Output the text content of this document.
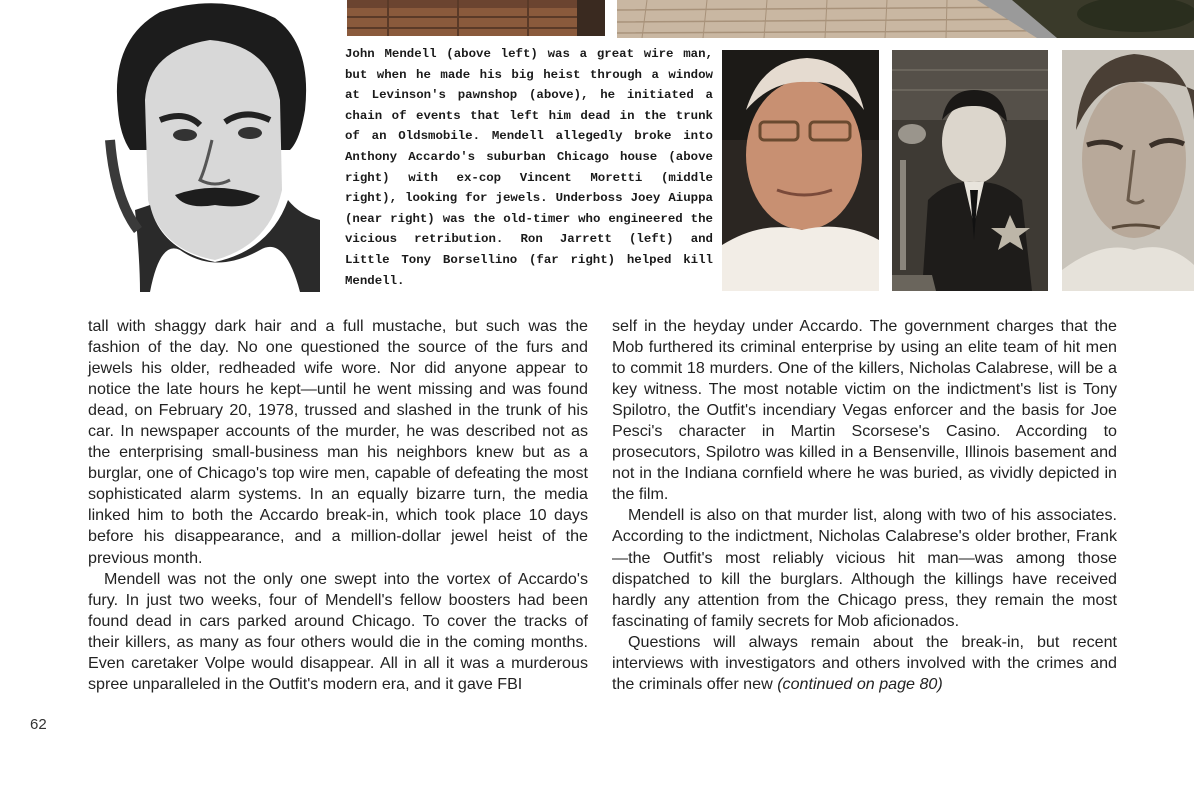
John Mendell (above left) was a great wire man, but when he made his big heist through a window at Levinson's pawnshop (above), he initiated a chain of events that left him dead in the trunk of an Oldsmobile. Mendell allegedly broke into Anthony Accardo's suburban Chicago house (above right) with ex-cop Vincent Moretti (middle right), looking for jewels. Underboss Joey Aiuppa (near right) was the old-timer who engineered the vicious retribution. Ron Jarrett (left) and Little Tony Borsellino (far right) helped kill Mendell.

tall with shaggy dark hair and a full mustache, but such was the fashion of the day. No one questioned the source of the furs and jewels his older, redheaded wife wore. Nor did anyone appear to notice the late hours he kept—until he went missing and was found dead, on February 20, 1978, trussed and slashed in the trunk of his car. In newspaper accounts of the murder, he was described not as the enterprising small-business man his neighbors knew but as a burglar, one of Chicago's top wire men, capable of defeating the most sophisticated alarm systems. In an equally bizarre turn, the media linked him to both the Accardo break-in, which took place 10 days before his disappearance, and a million-dollar jewel heist of the previous month.

Mendell was not the only one swept into the vortex of Accardo's fury. In just two weeks, four of Mendell's fellow boosters had been found dead in cars parked around Chicago. To cover the tracks of their killers, as many as four others would die in the coming months. Even caretaker Volpe would disappear. All in all it was a murderous spree unparalleled in the Outfit's modern era, and it gave FBI

self in the heyday under Accardo. The government charges that the Mob furthered its criminal enterprise by using an elite team of hit men to commit 18 murders. One of the killers, Nicholas Calabrese, will be a key witness. The most notable victim on the indictment's list is Tony Spilotro, the Outfit's incendiary Vegas enforcer and the basis for Joe Pesci's character in Martin Scorsese's Casino. According to prosecutors, Spilotro was killed in a Bensenville, Illinois basement and not in the Indiana cornfield where he was buried, as vividly depicted in the film.

Mendell is also on that murder list, along with two of his associates. According to the indictment, Nicholas Calabrese's older brother, Frank—the Outfit's most reliably vicious hit man—was among those dispatched to kill the burglars. Although the killings have received hardly any attention from the Chicago press, they remain the most fascinating of family secrets for Mob aficionados.

Questions will always remain about the break-in, but recent interviews with investigators and others involved with the crimes and the criminals offer new (continued on page 80)

62
